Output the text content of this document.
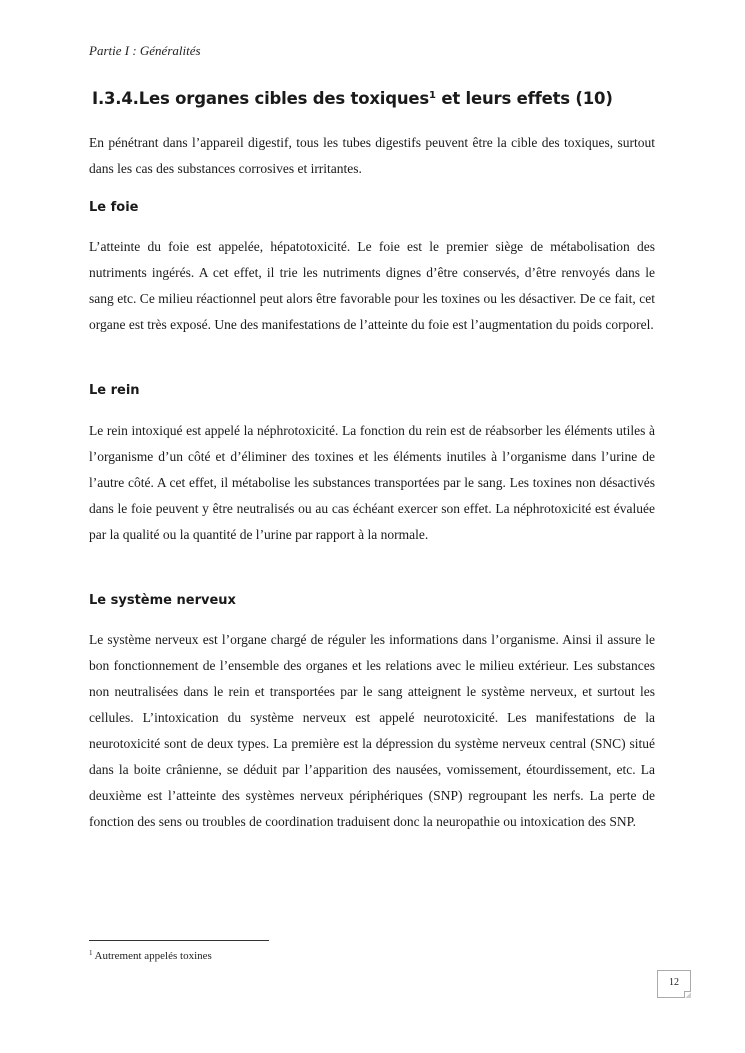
Partie I : Généralités
I.3.4.Les organes cibles des toxiques$^1$ et leurs effets (10)
En pénétrant dans l’appareil digestif, tous les tubes digestifs peuvent être la cible des toxiques, surtout dans les cas des substances corrosives et irritantes.
Le foie
L’atteinte du foie est appelée, hépatotoxicité. Le foie est le premier siège de métabolisation des nutriments ingérés. A cet effet, il trie les nutriments dignes d’être conservés, d’être renvoyés dans le sang etc. Ce milieu réactionnel peut alors être favorable pour les toxines ou les désactiver. De ce fait, cet organe est très exposé. Une des manifestations de l’atteinte du foie est l’augmentation du poids corporel.
Le rein
Le rein intoxiqué est appelé la néphrotoxicité. La fonction du rein est de réabsorber les éléments utiles à l’organisme d’un côté et d’éliminer des toxines et les éléments inutiles à l’organisme dans l’urine de l’autre côté. A cet effet, il métabolise les substances transportées par le sang. Les toxines non désactivés dans le foie peuvent y être neutralisés ou au cas échéant exercer son effet. La néphrotoxicité est évaluée par la qualité ou la quantité de l’urine par rapport à la normale.
Le système nerveux
Le système nerveux est l’organe chargé de réguler les informations dans l’organisme. Ainsi il assure le bon fonctionnement de l’ensemble des organes et les relations avec le milieu extérieur. Les substances non neutralisées dans le rein et transportées par le sang atteignent le système nerveux, et surtout les cellules. L’intoxication du système nerveux est appelé neurotoxicité. Les manifestations de la neurotoxicité sont de deux types. La première est la dépression du système nerveux central (SNC) situé dans la boite crânienne, se déduit par l’apparition des nausées, vomissement, étourdissement, etc. La deuxième est l’atteinte des systèmes nerveux périphériques (SNP) regroupant les nerfs. La perte de fonction des sens ou troubles de coordination traduisent donc la neuropathie ou intoxication des SNP.
$^1$ Autrement appelés toxines
12
